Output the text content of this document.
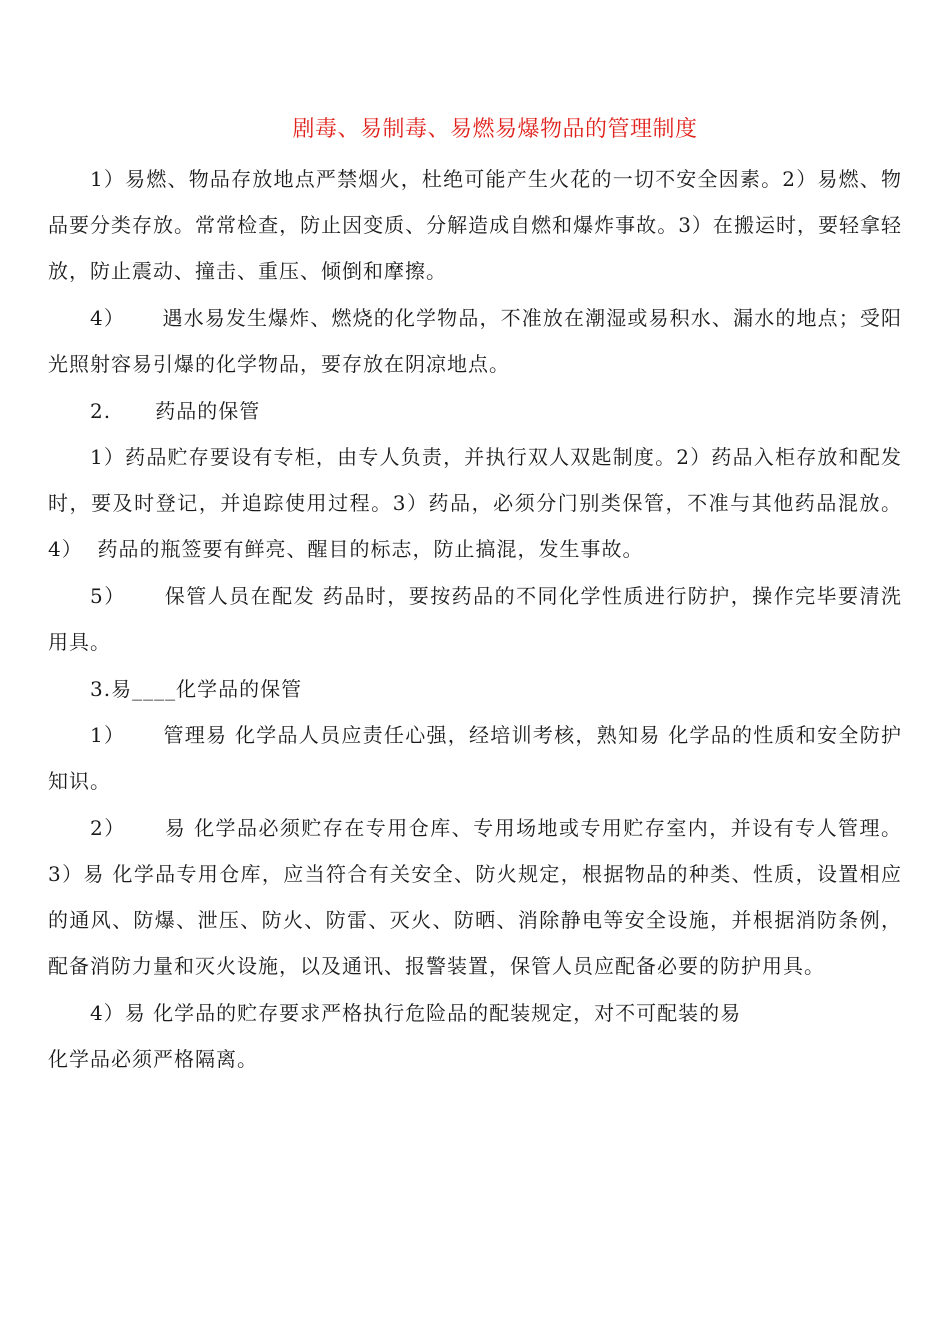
剧毒、易制毒、易燃易爆物品的管理制度

1）易燃、物品存放地点严禁烟火，杜绝可能产生火花的一切不安全因素。2）易燃、物品要分类存放。常常检查，防止因变质、分解造成自燃和爆炸事故。3）在搬运时，要轻拿轻放，防止震动、撞击、重压、倾倒和摩擦。

4）     遇水易发生爆炸、燃烧的化学物品，不准放在潮湿或易积水、漏水的地点；受阳光照射容易引爆的化学物品，要存放在阴凉地点。

2.      药品的保管

1）药品贮存要设有专柜，由专人负责，并执行双人双匙制度。2）药品入柜存放和配发时，要及时登记，并追踪使用过程。3）药品，必须分门别类保管，不准与其他药品混放。4）  药品的瓶签要有鲜亮、醒目的标志，防止搞混，发生事故。

5）     保管人员在配发 药品时，要按药品的不同化学性质进行防护，操作完毕要清洗用具。

3.易____化学品的保管

1）     管理易 化学品人员应责任心强，经培训考核，熟知易 化学品的性质和安全防护知识。

2）     易 化学品必须贮存在专用仓库、专用场地或专用贮存室内，并设有专人管理。3）易 化学品专用仓库，应当符合有关安全、防火规定，根据物品的种类、性质，设置相应的通风、防爆、泄压、防火、防雷、灭火、防晒、消除静电等安全设施，并根据消防条例，配备消防力量和灭火设施，以及通讯、报警装置，保管人员应配备必要的防护用具。

4）易 化学品的贮存要求严格执行危险品的配装规定，对不可配装的易

化学品必须严格隔离。
